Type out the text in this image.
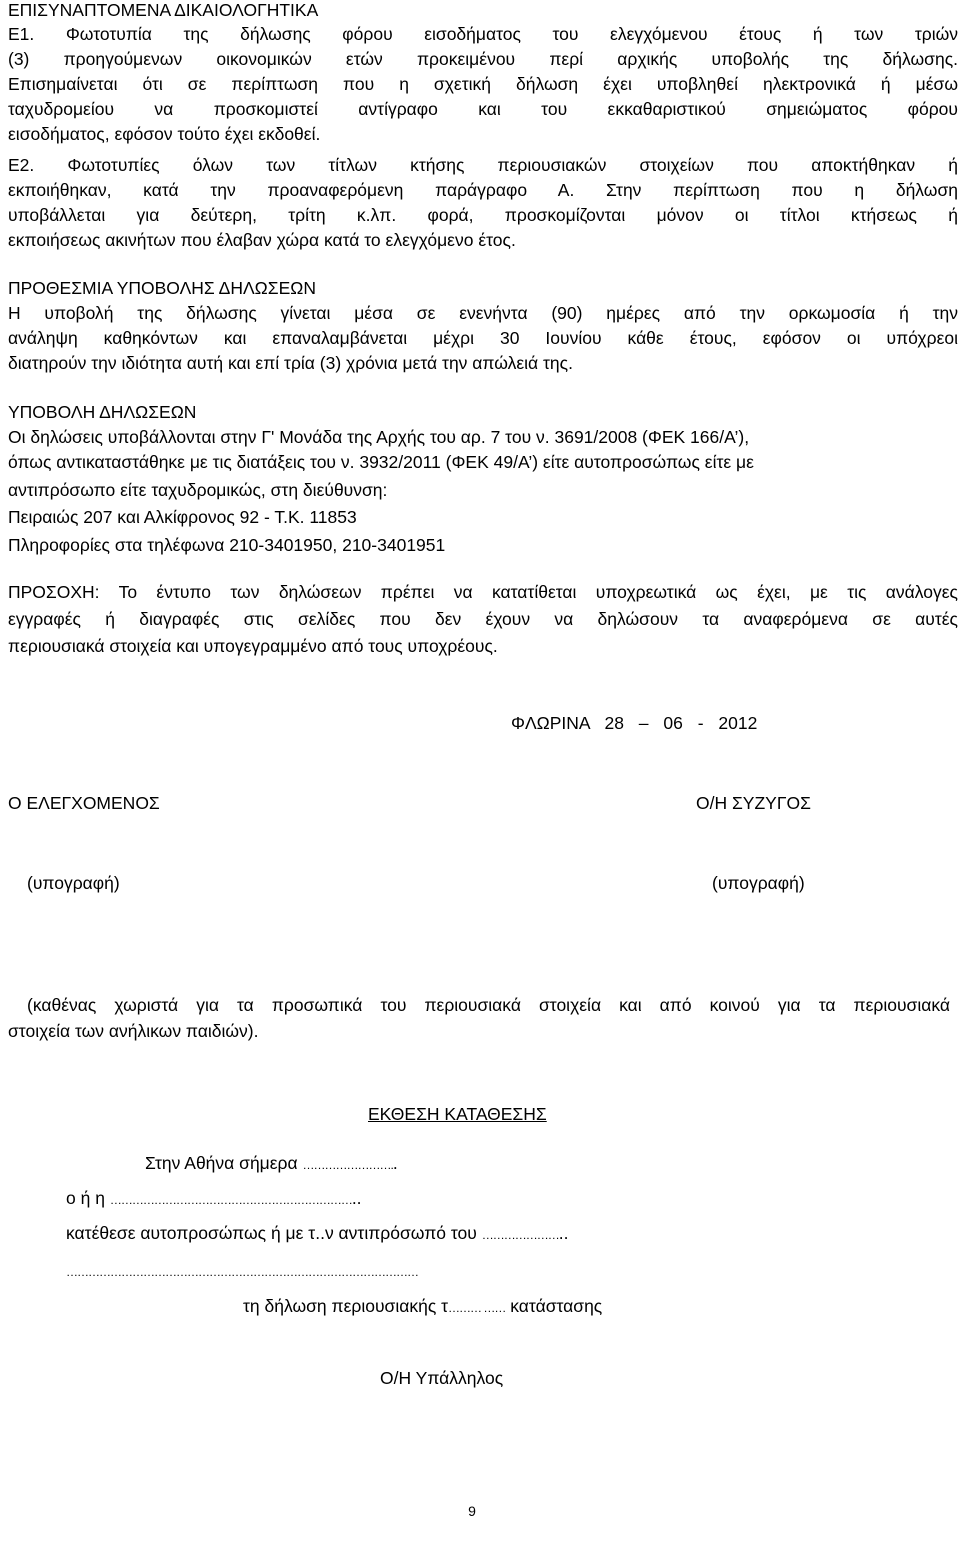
ΕΠΙΣΥΝΑΠΤΟΜΕΝΑ ΔΙΚΑΙΟΛΟΓΗΤΙΚΑ
Ε1. Φωτοτυπία της δήλωσης φόρου εισοδήματος του ελεγχόμενου έτους ή των τριών
(3) προηγούμενων οικονομικών ετών προκειμένου περί αρχικής υποβολής της δήλωσης.
Επισημαίνεται ότι σε περίπτωση που η σχετική δήλωση έχει υποβληθεί ηλεκτρονικά ή μέσω
ταχυδρομείου να προσκομιστεί αντίγραφο και του εκκαθαριστικού σημειώματος φόρου
εισοδήματος, εφόσον τούτο έχει εκδοθεί.
Ε2. Φωτοτυπίες όλων των τίτλων κτήσης περιουσιακών στοιχείων που αποκτήθηκαν ή
εκποιήθηκαν, κατά την προαναφερόμενη παράγραφο Α. Στην περίπτωση που η δήλωση
υποβάλλεται για δεύτερη, τρίτη κ.λπ. φορά, προσκομίζονται μόνον οι τίτλοι κτήσεως ή
εκποιήσεως ακινήτων που έλαβαν χώρα κατά το ελεγχόμενο έτος.
ΠΡΟΘΕΣΜΙΑ ΥΠΟΒΟΛΗΣ ΔΗΛΩΣΕΩΝ
Η υποβολή της δήλωσης γίνεται μέσα σε ενενήντα (90) ημέρες από την ορκωμοσία ή την
ανάληψη καθηκόντων και επαναλαμβάνεται μέχρι 30 Ιουνίου κάθε έτους, εφόσον οι υπόχρεοι
διατηρούν την ιδιότητα αυτή και επί τρία (3) χρόνια μετά την απώλειά της.
ΥΠΟΒΟΛΗ ΔΗΛΩΣΕΩΝ
Οι δηλώσεις υποβάλλονται στην Γ' Μονάδα της Αρχής του αρ. 7 του ν. 3691/2008 (ΦΕΚ 166/Α’),
όπως αντικαταστάθηκε με τις διατάξεις του ν. 3932/2011 (ΦΕΚ 49/Α’) είτε αυτοπροσώπως είτε με
αντιπρόσωπο είτε ταχυδρομικώς, στη διεύθυνση:
Πειραιώς 207 και Αλκίφρονος 92 - Τ.Κ. 11853
Πληροφορίες στα τηλέφωνα 210-3401950, 210-3401951
ΠΡΟΣΟΧΗ: Το έντυπο των δηλώσεων πρέπει να κατατίθεται υποχρεωτικά ως έχει, με τις ανάλογες
εγγραφές ή διαγραφές στις σελίδες που δεν έχουν να δηλώσουν τα αναφερόμενα σε αυτές
περιουσιακά στοιχεία και υπογεγραμμένο από τους υποχρέους.
ΦΛΩΡΙΝΑ 28 – 06 - 2012
Ο ΕΛΕΓΧΟΜΕΝΟΣ	Ο/Η ΣΥΖΥΓΟΣ
(υπογραφή)	(υπογραφή)
(καθένας χωριστά για τα προσωπικά του περιουσιακά στοιχεία και από κοινού για τα περιουσιακά
στοιχεία των ανήλικων παιδιών).
ΕΚΘΕΣΗ ΚΑΤΑΘΕΣΗΣ
Στην Αθήνα σήμερα ……………………..
ο ή η …………………………………………………………..
κατέθεσε αυτοπροσώπως ή με τ..ν αντιπρόσωπό του …………………..
……………………………………………………………………………………
τη δήλωση περιουσιακής τ……… …… κατάστασης
Ο/Η Υπάλληλος
9
